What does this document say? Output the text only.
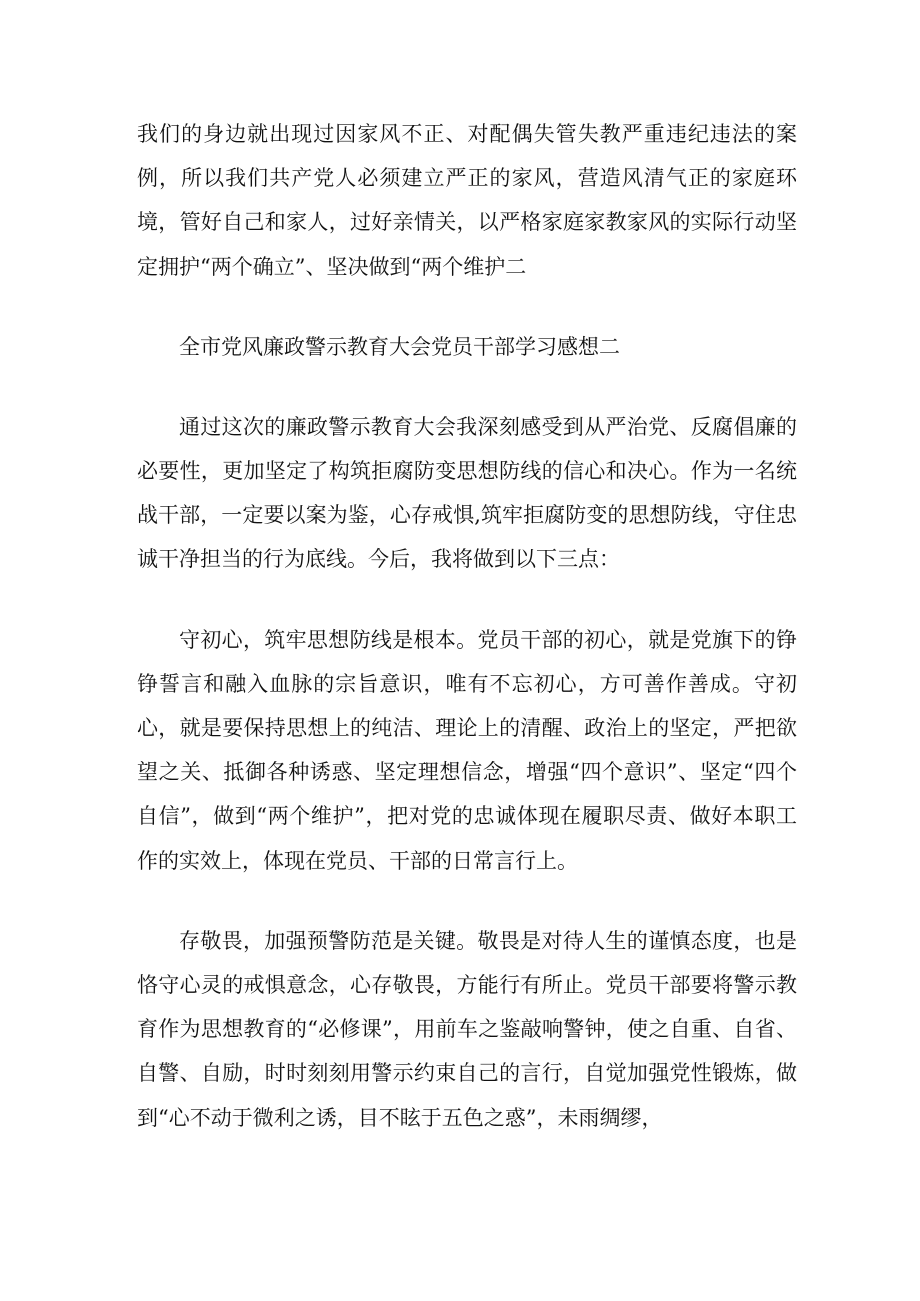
我们的身边就出现过因家风不正、对配偶失管失教严重违纪违法的案例，所以我们共产党人必须建立严正的家风，营造风清气正的家庭环境，管好自己和家人，过好亲情关，以严格家庭家教家风的实际行动坚定拥护“两个确立”、坚决做到“两个维护二

全市党风廉政警示教育大会党员干部学习感想二

通过这次的廉政警示教育大会我深刻感受到从严治党、反腐倡廉的必要性，更加坚定了构筑拒腐防变思想防线的信心和决心。作为一名统战干部，一定要以案为鉴，心存戒惧,筑牢拒腐防变的思想防线，守住忠诚干净担当的行为底线。今后，我将做到以下三点：

守初心，筑牢思想防线是根本。党员干部的初心，就是党旗下的铮铮誓言和融入血脉的宗旨意识，唯有不忘初心，方可善作善成。守初心，就是要保持思想上的纯洁、理论上的清醒、政治上的坚定，严把欲望之关、抵御各种诱惑、坚定理想信念，增强“四个意识”、坚定“四个自信”，做到“两个维护”，把对党的忠诚体现在履职尽责、做好本职工作的实效上，体现在党员、干部的日常言行上。

存敬畏，加强预警防范是关键。敬畏是对待人生的谨慎态度，也是恪守心灵的戒惧意念，心存敬畏，方能行有所止。党员干部要将警示教育作为思想教育的“必修课”，用前车之鉴敲响警钟，使之自重、自省、自警、自励，时时刻刻用警示约束自己的言行，自觉加强党性锻炼，做到“心不动于微利之诱，目不眩于五色之惑”，未雨绸缪，
